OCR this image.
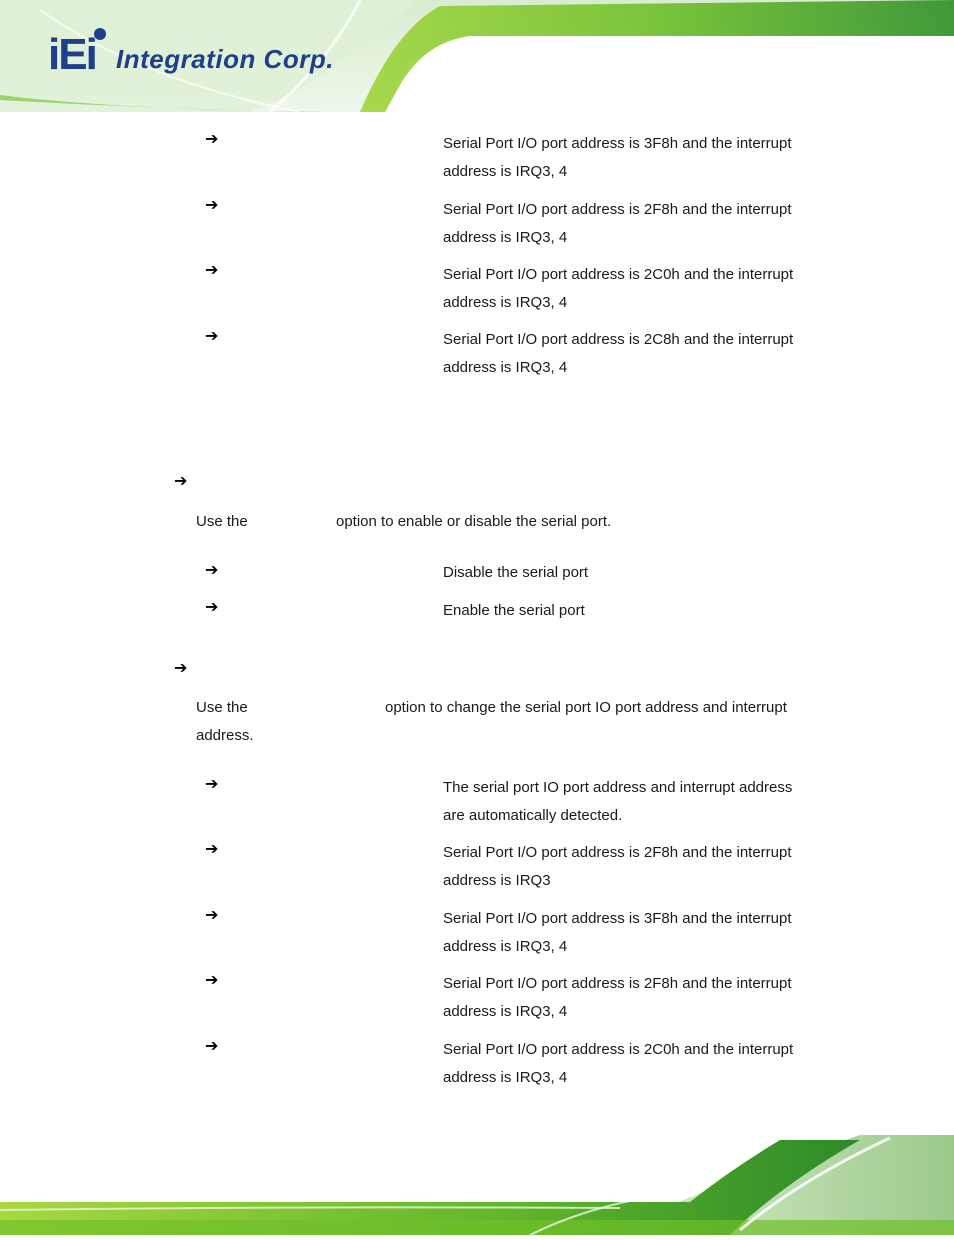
iEi Integration Corp.
➔	Serial Port I/O port address is 3F8h and the interrupt
address is IRQ3, 4
➔	Serial Port I/O port address is 2F8h and the interrupt
address is IRQ3, 4
➔	Serial Port I/O port address is 2C0h and the interrupt
address is IRQ3, 4
➔	Serial Port I/O port address is 2C8h and the interrupt
address is IRQ3, 4
➔
Use the	option to enable or disable the serial port.
➔	Disable the serial port
➔	Enable the serial port
➔
Use the	option to change the serial port IO port address and interrupt
address.
➔	The serial port IO port address and interrupt address
are automatically detected.
➔	Serial Port I/O port address is 2F8h and the interrupt
address is IRQ3
➔	Serial Port I/O port address is 3F8h and the interrupt
address is IRQ3, 4
➔	Serial Port I/O port address is 2F8h and the interrupt
address is IRQ3, 4
➔	Serial Port I/O port address is 2C0h and the interrupt
address is IRQ3, 4
